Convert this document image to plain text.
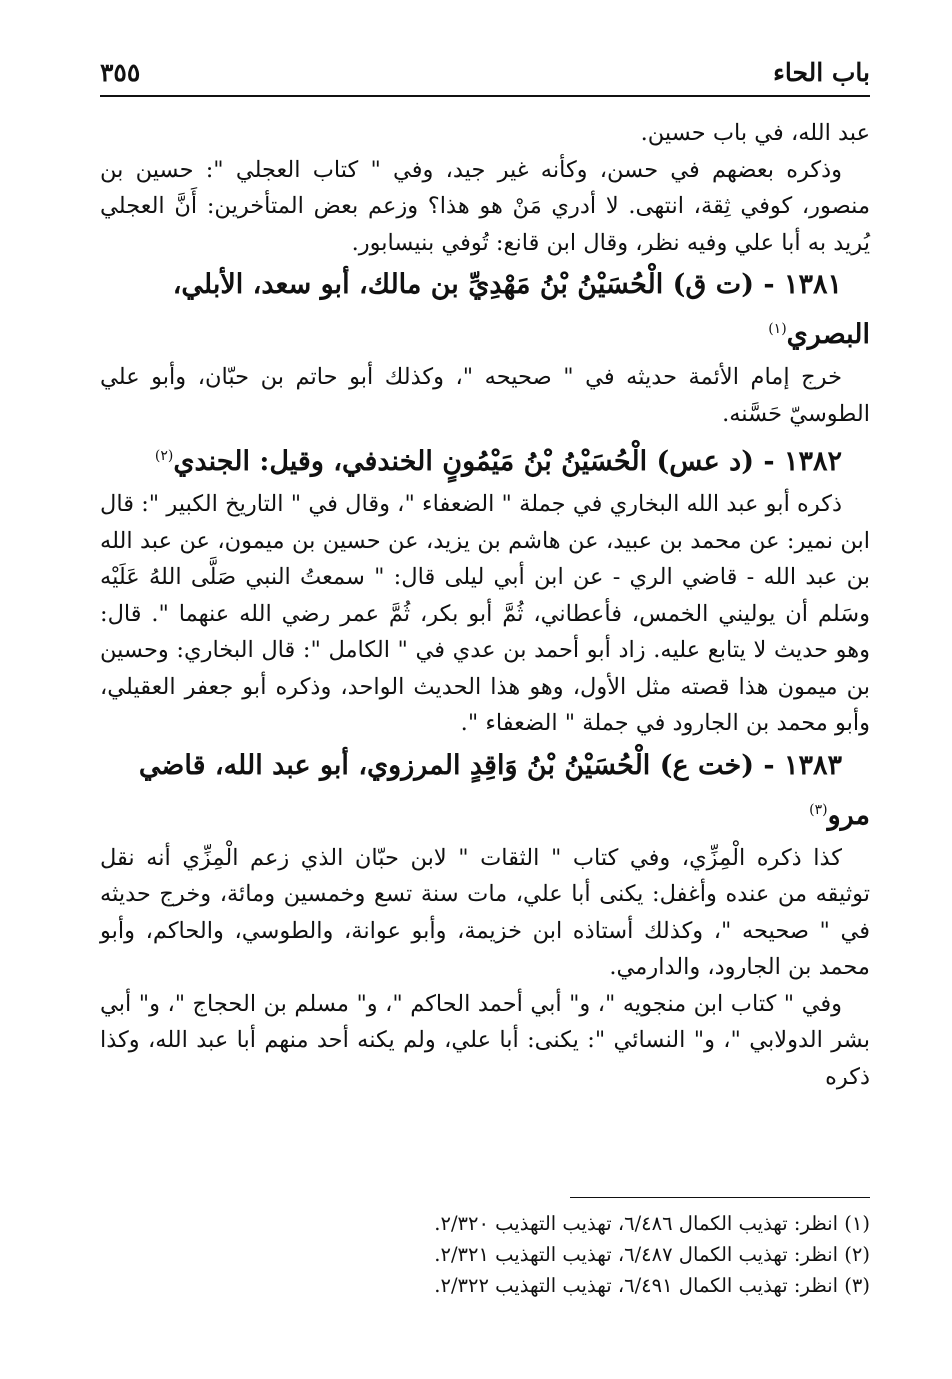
باب الحاء
٣٥٥

عبد الله، في باب حسين.

وذكره بعضهم في حسن، وكأنه غير جيد، وفي " كتاب العجلي ": حسين بن منصور، كوفي ثِقة، انتهى. لا أدري مَنْ هو هذا؟ وزعم بعض المتأخرين: أَنَّ العجلي يُريد به أبا علي وفيه نظر، وقال ابن قانع: تُوفي بنيسابور.

١٣٨١ - (ت ق) الْحُسَيْنُ بْنُ مَهْدِيِّ بن مالك، أبو سعد، الأبلي، البصري$^{(١)}$

خرج إمام الأئمة حديثه في " صحيحه "، وكذلك أبو حاتم بن حبّان، وأبو علي الطوسيّ حَسَّنه.

١٣٨٢ - (د عس) الْحُسَيْنُ بْنُ مَيْمُونٍ الخندفي، وقيل: الجندي$^{(٢)}$

ذكره أبو عبد الله البخاري في جملة " الضعفاء "، وقال في " التاريخ الكبير ": قال ابن نمير: عن محمد بن عبيد، عن هاشم بن يزيد، عن حسين بن ميمون، عن عبد الله بن عبد الله - قاضي الري - عن ابن أبي ليلى قال: " سمعتُ النبي صَلَّى اللهُ عَلَيْه وسَلم أن يوليني الخمس، فأعطاني، ثُمَّ أبو بكر، ثُمَّ عمر رضي الله عنهما ". قال: وهو حديث لا يتابع عليه. زاد أبو أحمد بن عدي في " الكامل ": قال البخاري: وحسين بن ميمون هذا قصته مثل الأول، وهو هذا الحديث الواحد، وذكره أبو جعفر العقيلي، وأبو محمد بن الجارود في جملة " الضعفاء ".

١٣٨٣ - (خت ع) الْحُسَيْنُ بْنُ وَاقِدٍ المرزوي، أبو عبد الله، قاضي مرو$^{(٣)}$

كذا ذكره الْمِزِّي، وفي كتاب " الثقات " لابن حبّان الذي زعم الْمِزِّي أنه نقل توثيقه من عنده وأغفل: يكنى أبا علي، مات سنة تسع وخمسين ومائة، وخرج حديثه في " صحيحه "، وكذلك أستاذه ابن خزيمة، وأبو عوانة، والطوسي، والحاكم، وأبو محمد بن الجارود، والدارمي.

وفي " كتاب ابن منجويه "، و" أبي أحمد الحاكم "، و" مسلم بن الحجاج "، و" أبي بشر الدولابي "، و" النسائي ": يكنى: أبا علي، ولم يكنه أحد منهم أبا عبد الله، وكذا ذكره

(١) انظر: تهذيب الكمال ٦/٤٨٦، تهذيب التهذيب ٢/٣٢٠.

(٢) انظر: تهذيب الكمال ٦/٤٨٧، تهذيب التهذيب ٢/٣٢١.

(٣) انظر: تهذيب الكمال ٦/٤٩١، تهذيب التهذيب ٢/٣٢٢.
